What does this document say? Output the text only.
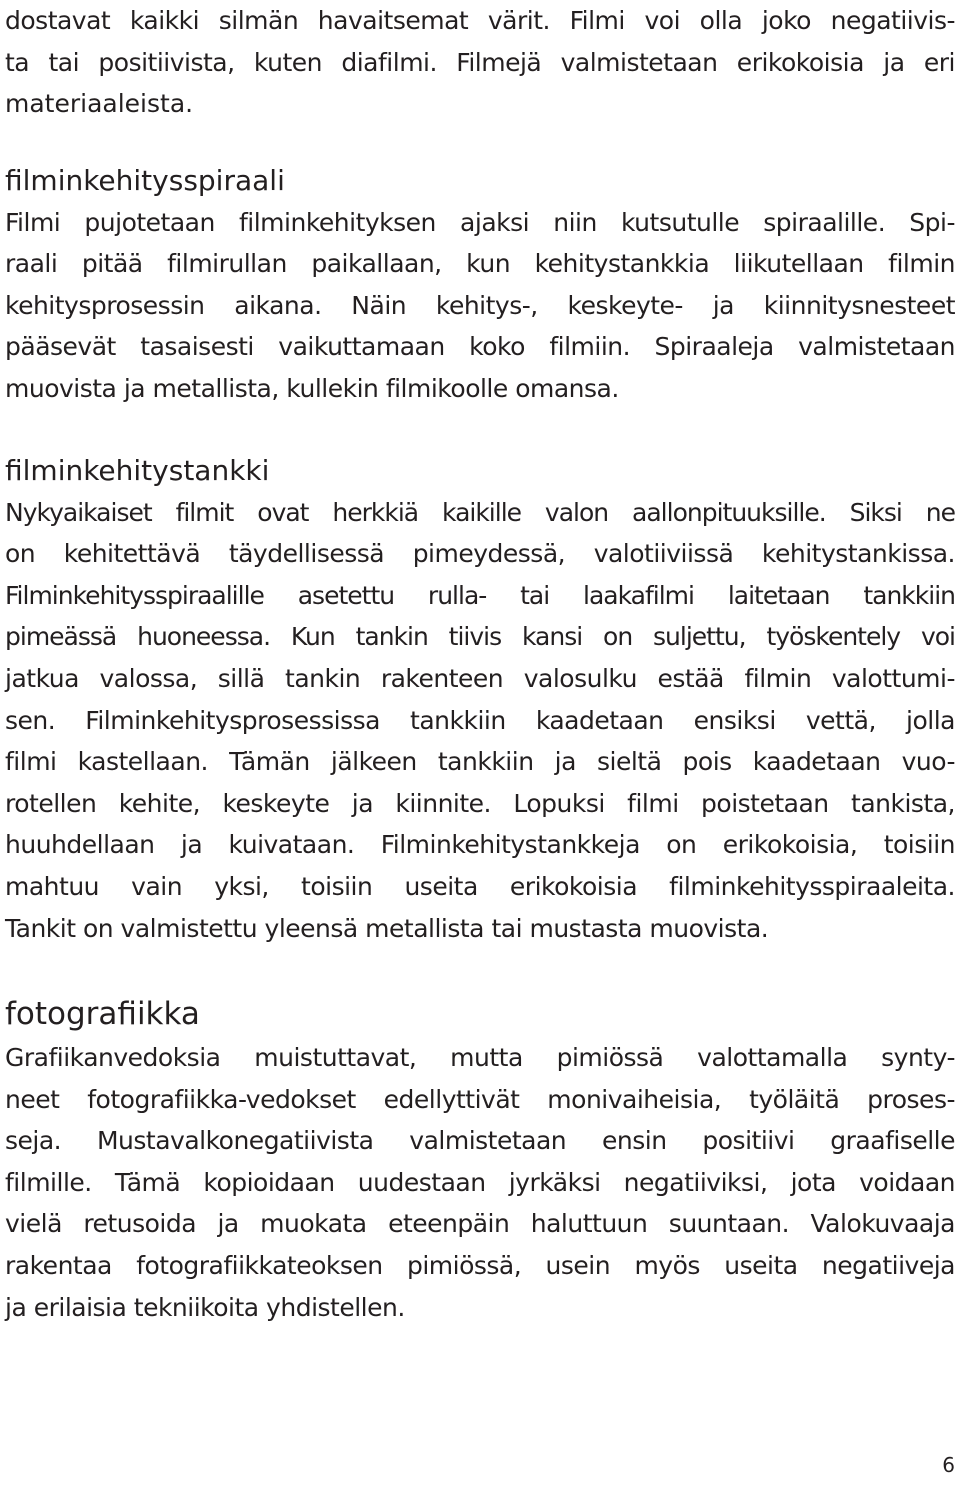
dostavat kaikki silmän havaitsemat värit. Filmi voi olla joko negatiivis-
ta tai positiivista, kuten diafilmi. Filmejä valmistetaan erikokoisia ja eri
materiaaleista.
filminkehitysspiraali
Filmi pujotetaan filminkehityksen ajaksi niin kutsutulle spiraalille. Spi-
raali pitää filmirullan paikallaan, kun kehitystankkia liikutellaan filmin
kehitysprosessin aikana. Näin kehitys-, keskeyte- ja kiinnitysnesteet
pääsevät tasaisesti vaikuttamaan koko filmiin. Spiraaleja valmistetaan
muovista ja metallista, kullekin filmikoolle omansa.
filminkehitystankki
Nykyaikaiset filmit ovat herkkiä kaikille valon aallonpituuksille. Siksi ne
on kehitettävä täydellisessä pimeydessä, valotiiviissä kehitystankissa.
Filminkehitysspiraalille asetettu rulla- tai laakafilmi laitetaan tankkiin
pimeässä huoneessa. Kun tankin tiivis kansi on suljettu, työskentely voi
jatkua valossa, sillä tankin rakenteen valosulku estää filmin valottumi-
sen. Filminkehitysprosessissa tankkiin kaadetaan ensiksi vettä, jolla
filmi kastellaan. Tämän jälkeen tankkiin ja sieltä pois kaadetaan vuo-
rotellen kehite, keskeyte ja kiinnite. Lopuksi filmi poistetaan tankista,
huuhdellaan ja kuivataan. Filminkehitystankkeja on erikokoisia, toisiin
mahtuu vain yksi, toisiin useita erikokoisia filminkehitysspiraaleita.
Tankit on valmistettu yleensä metallista tai mustasta muovista.
fotografiikka
Grafiikanvedoksia muistuttavat, mutta pimiössä valottamalla synty-
neet fotografiikka-vedokset edellyttivät monivaiheisia, työläitä proses-
seja. Mustavalkonegatiivista valmistetaan ensin positiivi graafiselle
filmille. Tämä kopioidaan uudestaan jyrkäksi negatiiviksi, jota voidaan
vielä retusoida ja muokata eteenpäin haluttuun suuntaan. Valokuvaaja
rakentaa fotografiikkateoksen pimiössä, usein myös useita negatiiveja
ja erilaisia tekniikoita yhdistellen.
6
